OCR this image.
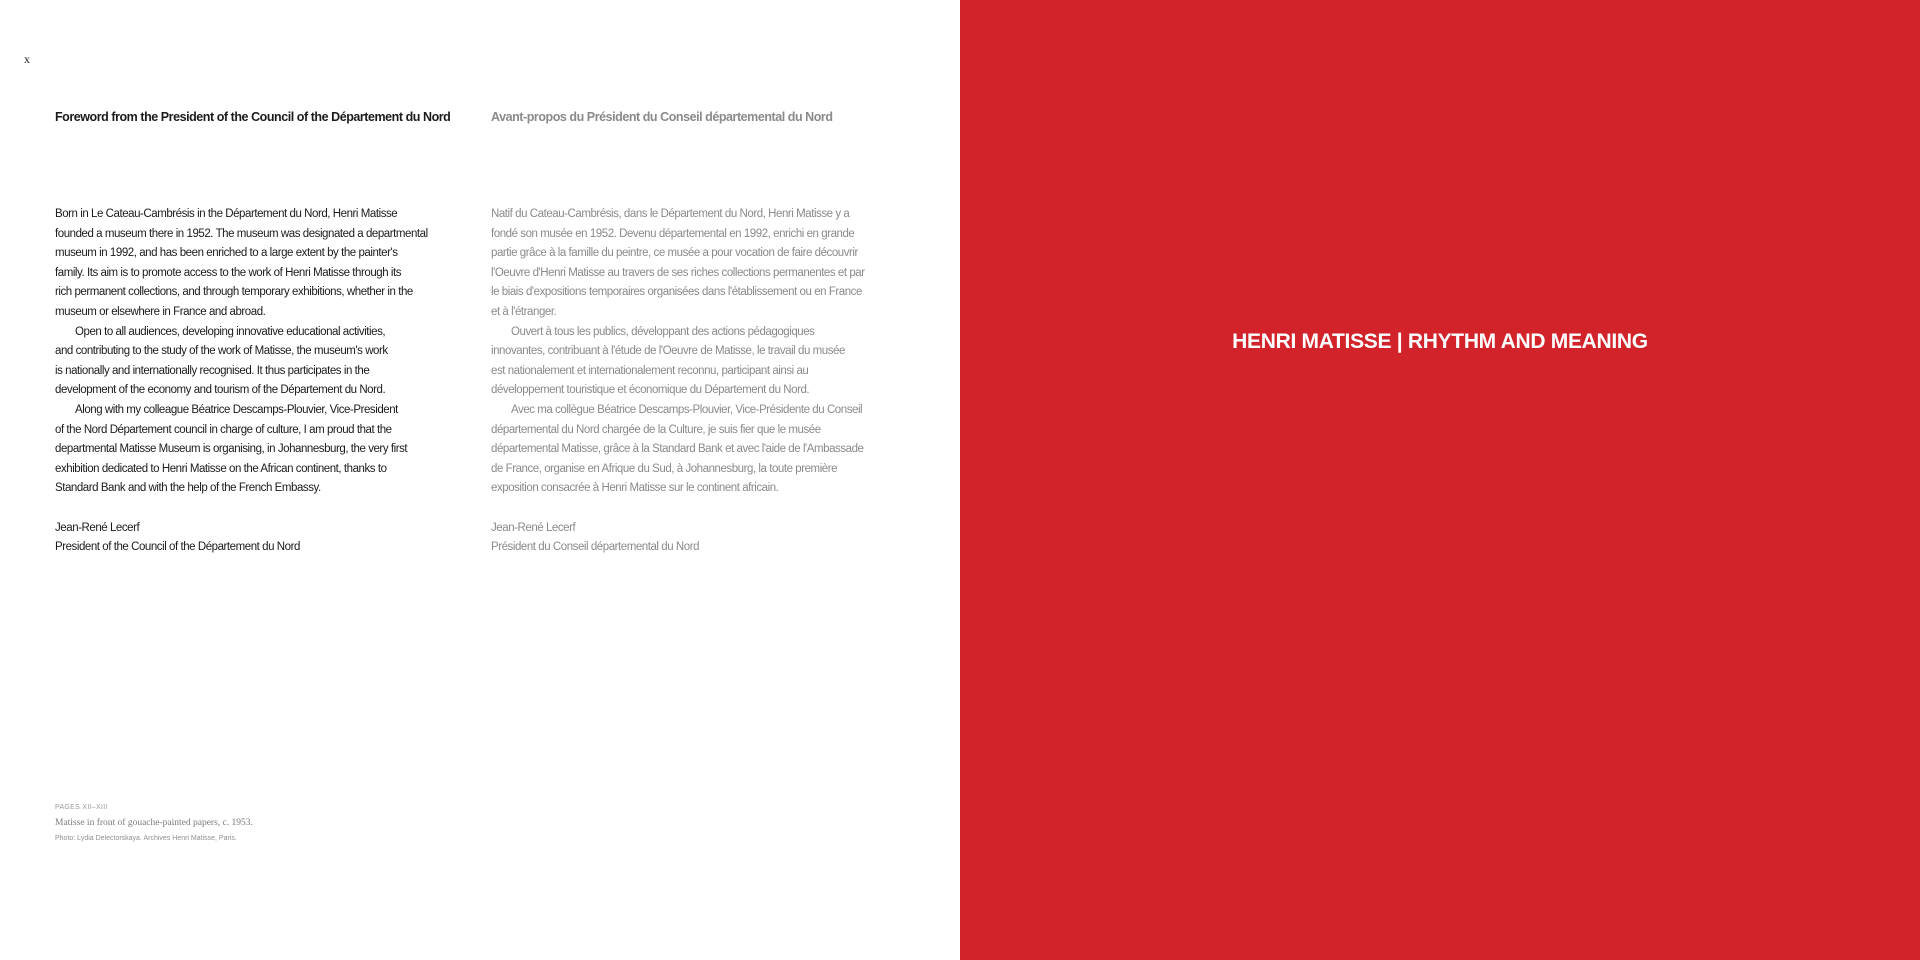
x
Foreword from the President of the Council of the Département du Nord

Born in Le Cateau-Cambrésis in the Département du Nord, Henri Matisse

founded a museum there in 1952. The museum was designated a departmental

museum in 1992, and has been enriched to a large extent by the painter's

family. Its aim is to promote access to the work of Henri Matisse through its

rich permanent collections, and through temporary exhibitions, whether in the

museum or elsewhere in France and abroad.

Open to all audiences, developing innovative educational activities,

and contributing to the study of the work of Matisse, the museum's work

is nationally and internationally recognised. It thus participates in the

development of the economy and tourism of the Département du Nord.

Along with my colleague Béatrice Descamps-Plouvier, Vice-President

of the Nord Département council in charge of culture, I am proud that the

departmental Matisse Museum is organising, in Johannesburg, the very first

exhibition dedicated to Henri Matisse on the African continent, thanks to

Standard Bank and with the help of the French Embassy.

Jean-René Lecerf
President of the Council of the Département du Nord
Avant-propos du Président du Conseil départemental du Nord

Natif du Cateau-Cambrésis, dans le Département du Nord, Henri Matisse y a

fondé son musée en 1952. Devenu départemental en 1992, enrichi en grande

partie grâce à la famille du peintre, ce musée a pour vocation de faire découvrir

l'Oeuvre d'Henri Matisse au travers de ses riches collections permanentes et par

le biais d'expositions temporaires organisées dans l'établissement ou en France

et à l'étranger.

Ouvert à tous les publics, développant des actions pédagogiques

innovantes, contribuant à l'étude de l'Oeuvre de Matisse, le travail du musée

est nationalement et internationalement reconnu, participant ainsi au

développement touristique et économique du Département du Nord.

Avec ma collègue Béatrice Descamps-Plouvier, Vice-Présidente du Conseil

départemental du Nord chargée de la Culture, je suis fier que le musée

départemental Matisse, grâce à la Standard Bank et avec l'aide de l'Ambassade

de France, organise en Afrique du Sud, à Johannesburg, la toute première

exposition consacrée à Henri Matisse sur le continent africain.

Jean-René Lecerf
Président du Conseil départemental du Nord
PAGES XII–XIII
Matisse in front of gouache-painted papers, c. 1953.
Photo: Lydia Delectorskaya. Archives Henri Matisse, Paris.
HENRI MATISSE | RHYTHM AND MEANING
